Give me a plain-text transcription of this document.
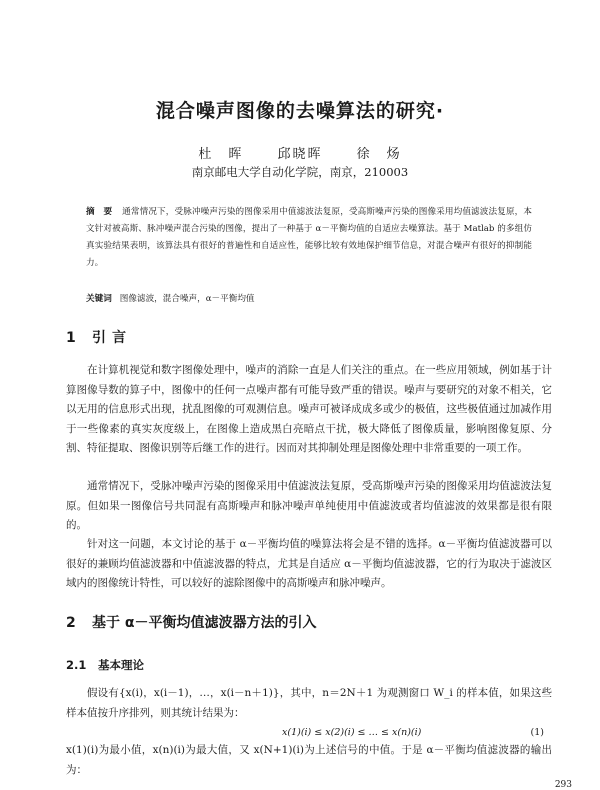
混合噪声图像的去噪算法的研究·
杜　晖	邱晓晖	徐　炀
南京邮电大学自动化学院，南京，210003
摘　要 通常情况下，受脉冲噪声污染的图像采用中值滤波法复原，受高斯噪声污染的图像采用均值滤波法复原，本文针对被高斯、脉冲噪声混合污染的图像，提出了一种基于 α－平衡均值的自适应去噪算法。基于 Matlab 的多组仿真实验结果表明，该算法具有很好的普遍性和自适应性，能够比较有效地保护细节信息，对混合噪声有很好的抑制能力。
关键词 图像滤波，混合噪声，α－平衡均值
1 引言
在计算机视觉和数字图像处理中，噪声的消除一直是人们关注的重点。在一些应用领域，例如基于计算图像导数的算子中，图像中的任何一点噪声都有可能导致严重的错误。噪声与要研究的对象不相关，它以无用的信息形式出现，扰乱图像的可观测信息。噪声可被译成成多或少的极值，这些极值通过加减作用于一些像素的真实灰度级上，在图像上造成黑白亮暗点干扰，极大降低了图像质量，影响图像复原、分割、特征提取、图像识别等后继工作的进行。因而对其抑制处理是图像处理中非常重要的一项工作。
通常情况下，受脉冲噪声污染的图像采用中值滤波法复原，受高斯噪声污染的图像采用均值滤波法复原。但如果一图像信号共同混有高斯噪声和脉冲噪声单纯使用中值滤波或者均值滤波的效果都是很有限的。
针对这一问题，本文讨论的基于 α－平衡均值的噪算法将会是不错的选择。α－平衡均值滤波器可以很好的兼顾均值滤波器和中值滤波器的特点，尤其是自适应 α－平衡均值滤波器，它的行为取决于滤波区域内的图像统计特性，可以较好的滤除图像中的高斯噪声和脉冲噪声。
2 基于 α－平衡均值滤波器方法的引入
2.1 基本理论
假设有{x(i)，x(i－1)，…，x(i－n＋1)}，其中，n＝2N＋1 为观测窗口 W_i 的样本值，如果这些样本值按升序排列，则其统计结果为：
x(1)(i) ≤ x(2)(i) ≤ … ≤ x(n)(i)	(1)
x(1)(i)为最小值，x(n)(i)为最大值，又 x(N+1)(i)为上述信号的中值。于是 α－平衡均值滤波器的输出为：
293
